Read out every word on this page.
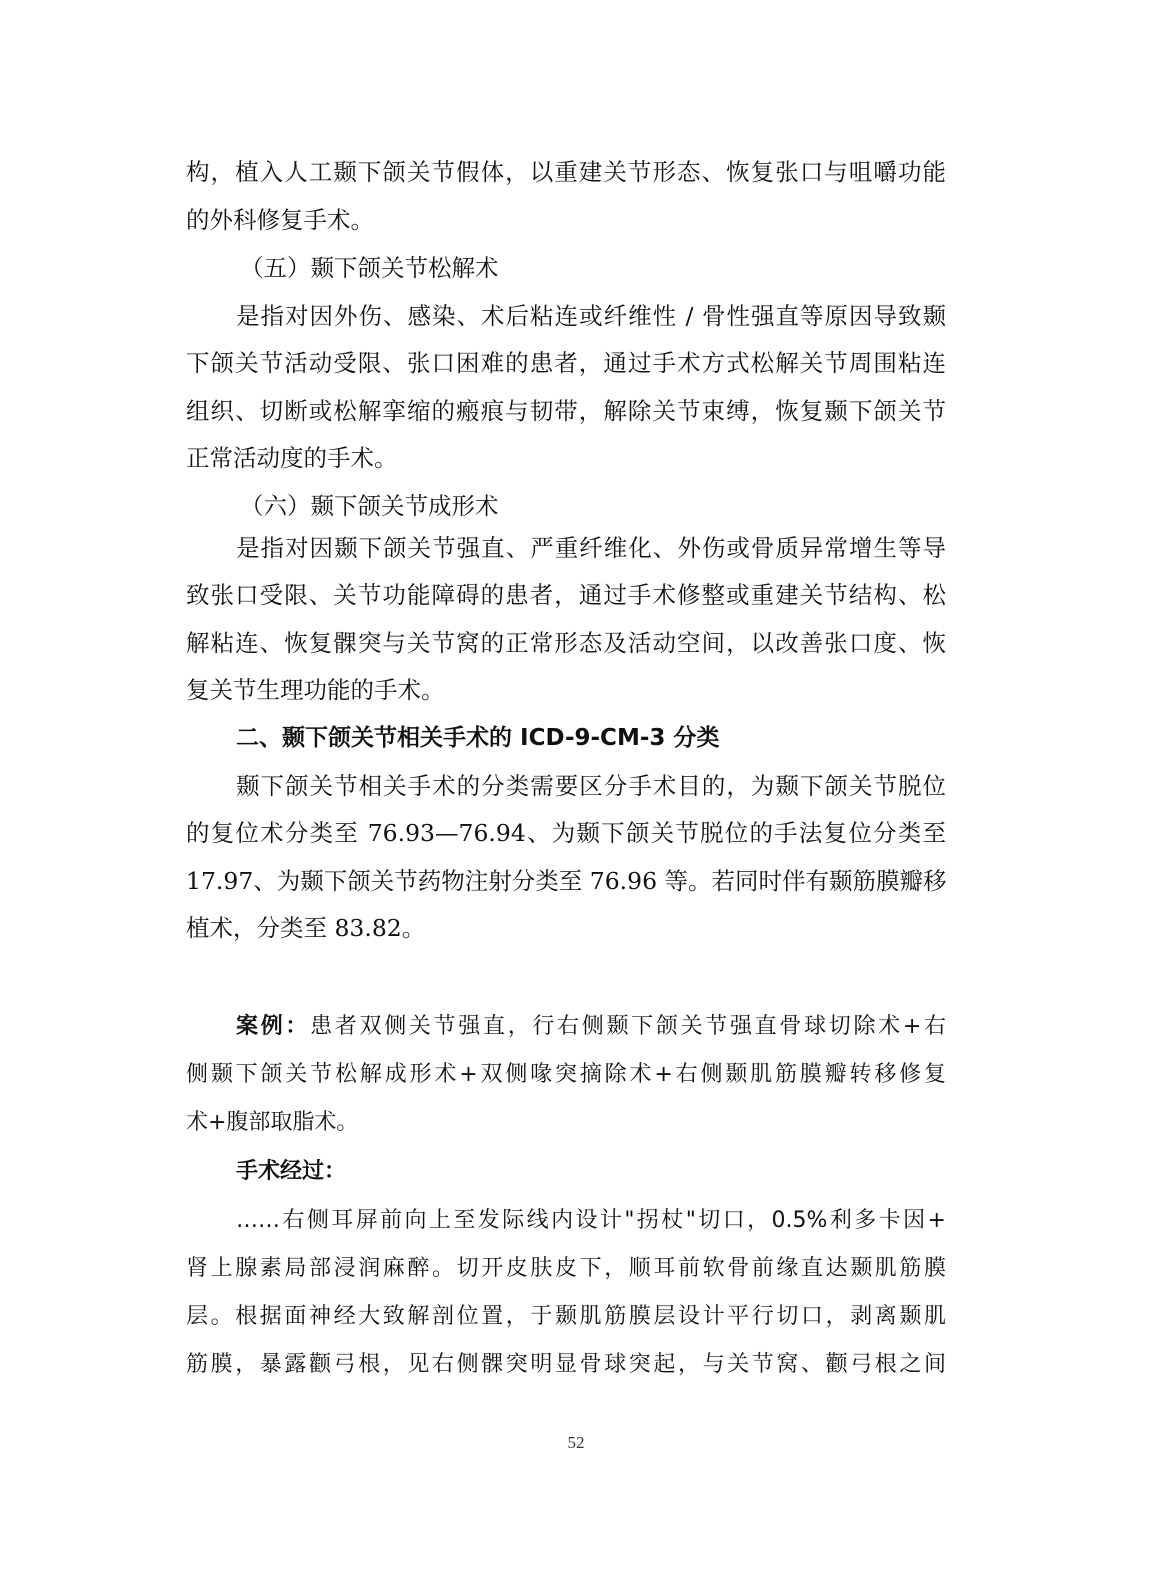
构，植入人工颞下颌关节假体，以重建关节形态、恢复张口与咀嚼功能
的外科修复手术。
（五）颞下颌关节松解术
是指对因外伤、感染、术后粘连或纤维性 / 骨性强直等原因导致颞
下颌关节活动受限、张口困难的患者，通过手术方式松解关节周围粘连
组织、切断或松解挛缩的瘢痕与韧带，解除关节束缚，恢复颞下颌关节
正常活动度的手术。
（六）颞下颌关节成形术
是指对因颞下颌关节强直、严重纤维化、外伤或骨质异常增生等导
致张口受限、关节功能障碍的患者，通过手术修整或重建关节结构、松
解粘连、恢复髁突与关节窝的正常形态及活动空间，以改善张口度、恢
复关节生理功能的手术。
二、颞下颌关节相关手术的 ICD-9-CM-3 分类
颞下颌关节相关手术的分类需要区分手术目的，为颞下颌关节脱位
的复位术分类至 76.93—76.94、为颞下颌关节脱位的手法复位分类至
17.97、为颞下颌关节药物注射分类至 76.96 等。若同时伴有颞筋膜瓣移
植术，分类至 83.82。
案例：患者双侧关节强直，行右侧颞下颌关节强直骨球切除术+右
侧颞下颌关节松解成形术+双侧喙突摘除术+右侧颞肌筋膜瓣转移修复
术+腹部取脂术。
手术经过：
……右侧耳屏前向上至发际线内设计"拐杖"切口，0.5%利多卡因+
肾上腺素局部浸润麻醉。切开皮肤皮下，顺耳前软骨前缘直达颞肌筋膜
层。根据面神经大致解剖位置，于颞肌筋膜层设计平行切口，剥离颞肌
筋膜，暴露颧弓根，见右侧髁突明显骨球突起，与关节窝、颧弓根之间
52
